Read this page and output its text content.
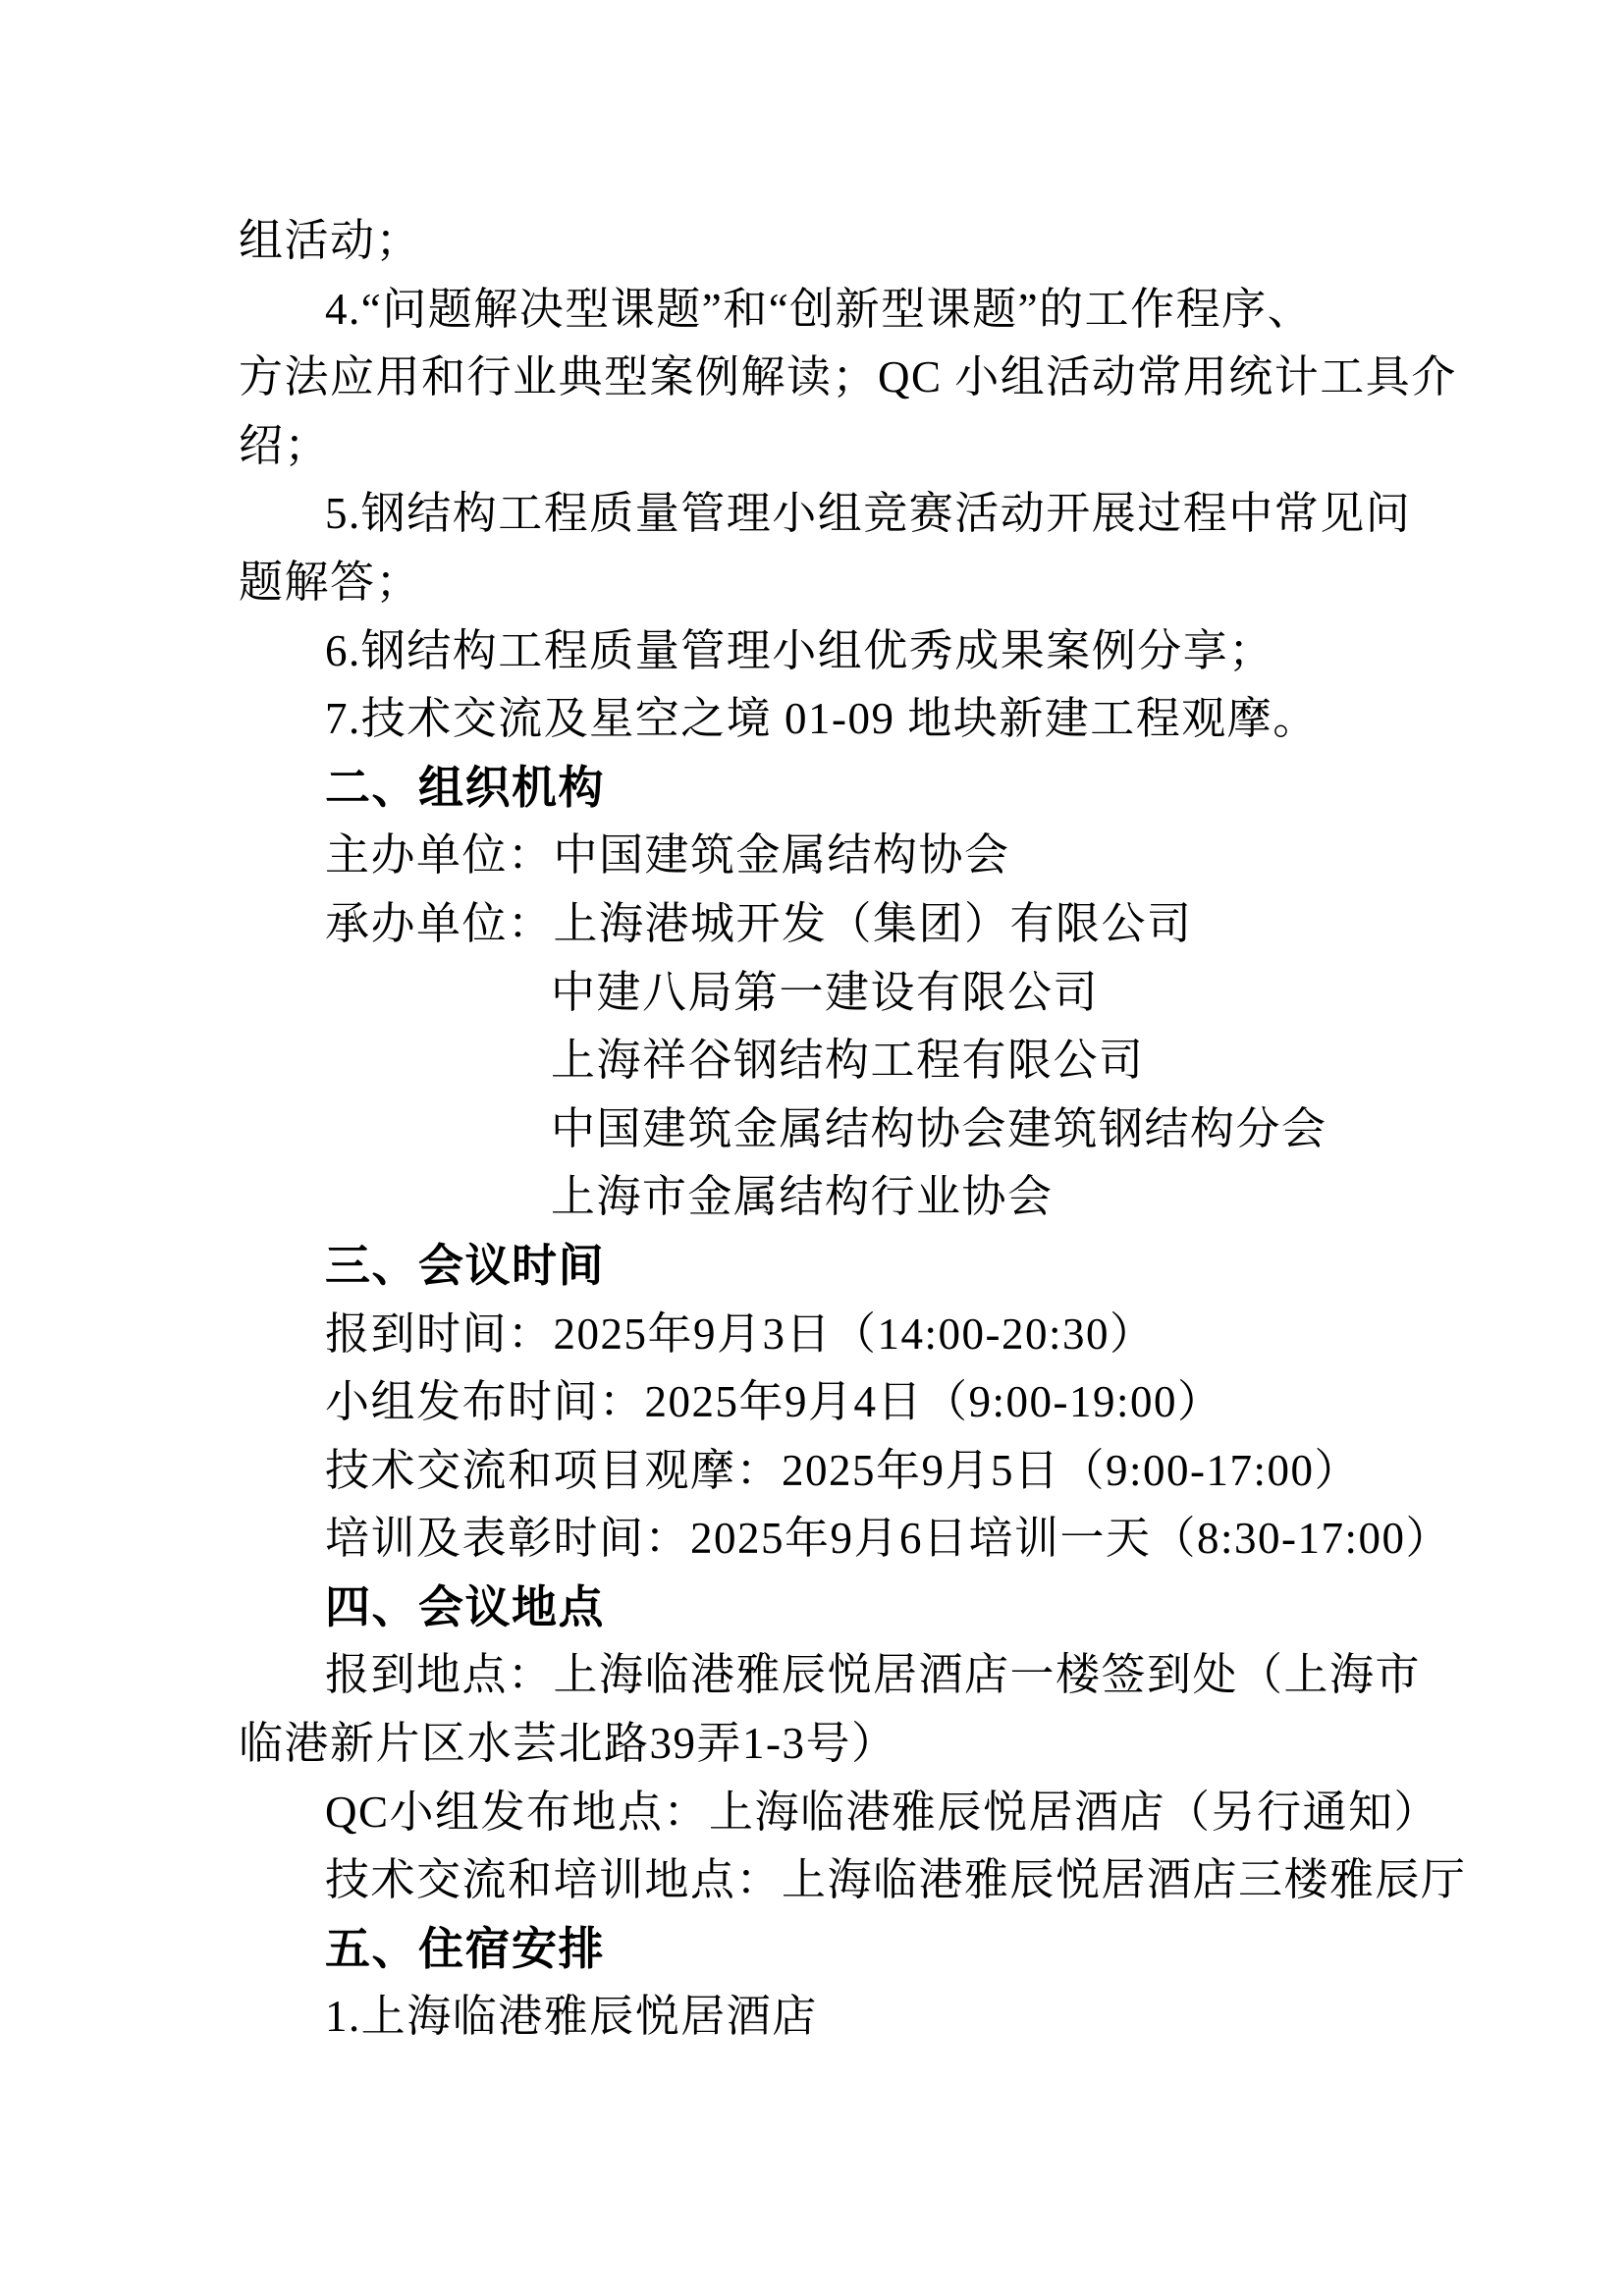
组活动；
4.“问题解决型课题”和“创新型课题”的工作程序、
方法应用和行业典型案例解读；QC 小组活动常用统计工具介
绍；
5.钢结构工程质量管理小组竞赛活动开展过程中常见问
题解答；
6.钢结构工程质量管理小组优秀成果案例分享；
7.技术交流及星空之境 01-09 地块新建工程观摩。
二、组织机构
主办单位：中国建筑金属结构协会
承办单位：上海港城开发（集团）有限公司
中建八局第一建设有限公司
上海祥谷钢结构工程有限公司
中国建筑金属结构协会建筑钢结构分会
上海市金属结构行业协会
三、会议时间
报到时间：2025年9月3日（14:00-20:30）
小组发布时间：2025年9月4日（9:00-19:00）
技术交流和项目观摩：2025年9月5日（9:00-17:00）
培训及表彰时间：2025年9月6日培训一天（8:30-17:00）
四、会议地点
报到地点：上海临港雅辰悦居酒店一楼签到处（上海市
临港新片区水芸北路39弄1-3号）
QC小组发布地点：上海临港雅辰悦居酒店（另行通知）
技术交流和培训地点：上海临港雅辰悦居酒店三楼雅辰厅
五、住宿安排
1.上海临港雅辰悦居酒店
